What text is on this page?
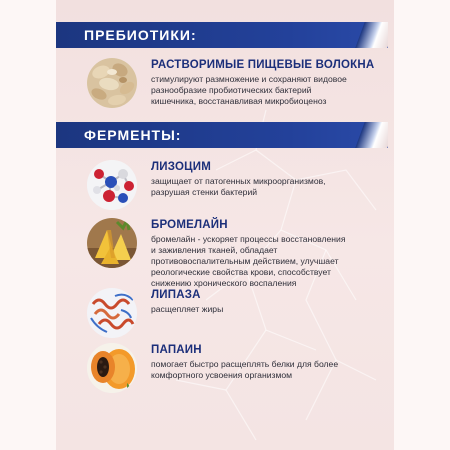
ПРЕБИОТИКИ:
РАСТВОРИМЫЕ ПИЩЕВЫЕ ВОЛОКНА
стимулируют размножение и сохраняют видовое
разнообразие пробиотических бактерий
кишечника, восстанавливая микробиоценоз
ФЕРМЕНТЫ:
ЛИЗОЦИМ
защищает от патогенных микроорганизмов,
разрушая стенки бактерий
БРОМЕЛАЙН
бромелайн - ускоряет процессы восстановления
и заживления тканей, обладает
противовоспалительным действием, улучшает
реологические свойства крови, способствует
снижению хронического воспаления
ЛИПАЗА
расщепляет жиры
ПАПАИН
помогает быстро расщеплять белки для более
комфортного усвоения организмом
